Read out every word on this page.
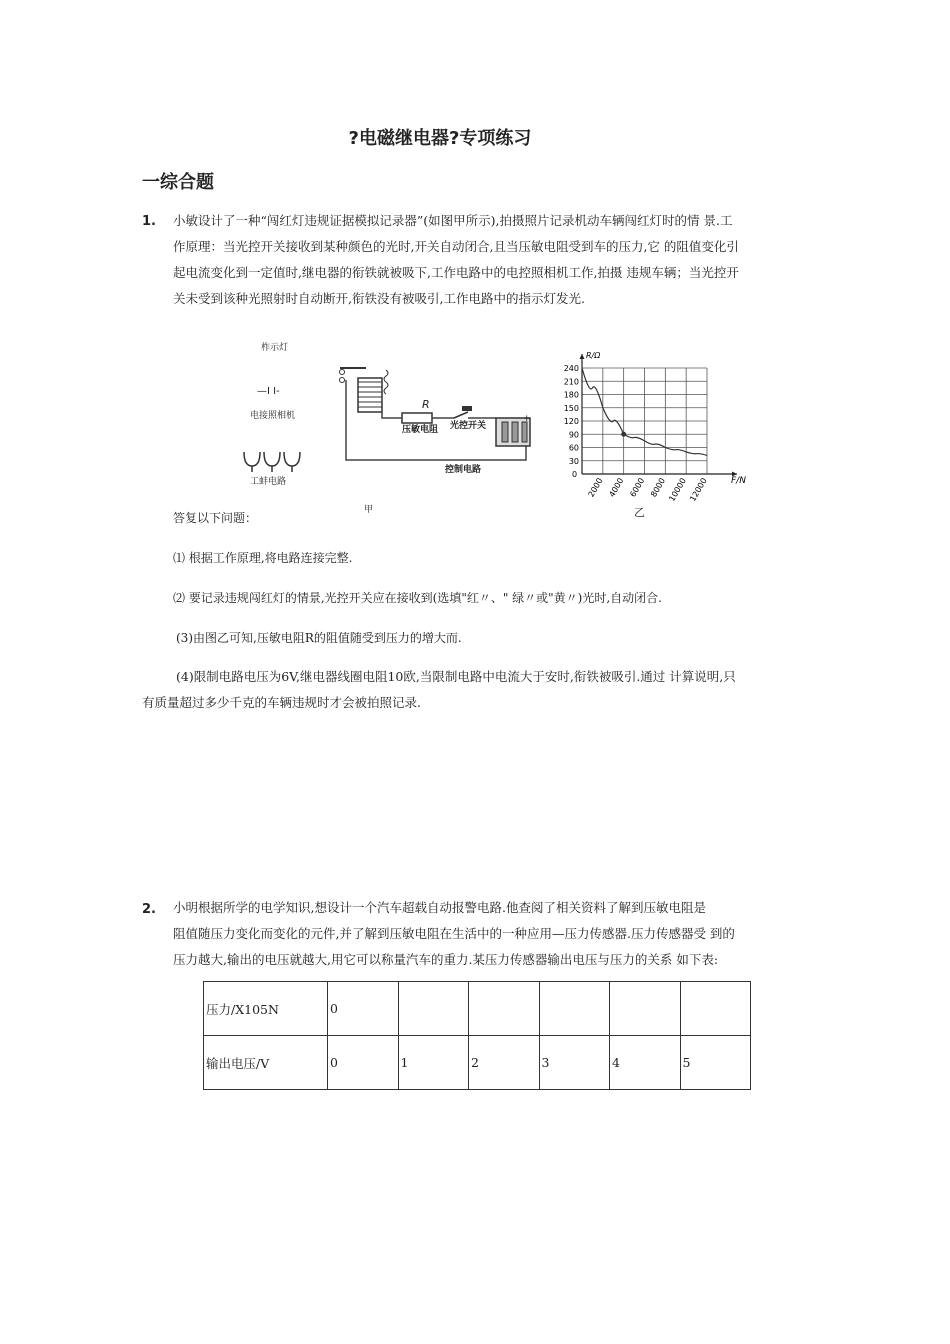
?电磁继电器?专项练习
一综合题
1. 小敏设计了一种“闯红灯违规证据模拟记录器”(如图甲所示),拍摄照片记录机动车辆闯红灯时的情 景.工
作原理：当光控开关接收到某种颜色的光时,开关自动闭合,且当压敏电阻受到车的压力,它 的阻值变化引
起电流变化到一定值时,继电器的衔铁就被吸下,工作电路中的电控照相机工作,拍摄 违规车辆；当光控开
关未受到该种光照射时自动断开,衔铁没有被吸引,工作电路中的指示灯发光.
柞示灯
—I I-
电接照相机
工蚌电路
R
压敏电阻 光控开关
+
控制电路
甲
240
210
180
150
120
90
60
30
2000 4000 6000 8000 10000 12000
R/Ω
F/N
0
乙
答复以下问题：
⑴ 根据工作原理,将电路连接完整.
⑵ 要记录违规闯红灯的情景,光控开关应在接收到(选填"红〃、" 绿〃或"黄〃)光时,自动闭合.
(3)由图乙可知,压敏电阻R的阻值随受到压力的增大而.
(4)限制电路电压为6V,继电器线圈电阻10欧,当限制电路中电流大于安时,衔铁被吸引.通过 计算说明,只
有质量超过多少千克的车辆违规时才会被拍照记录.
2. 小明根据所学的电学知识,想设计一个汽车超载自动报警电路.他查阅了相关资料了解到压敏电阻是
阻值随压力变化而变化的元件,并了解到压敏电阻在生活中的一种应用—压力传感器.压力传感器受 到的
压力越大,输出的电压就越大,用它可以称量汽车的重力.某压力传感器输出电压与压力的关系 如下表:
压力/X105N	0					
输出电压/V	0	1	2	3	4	5
